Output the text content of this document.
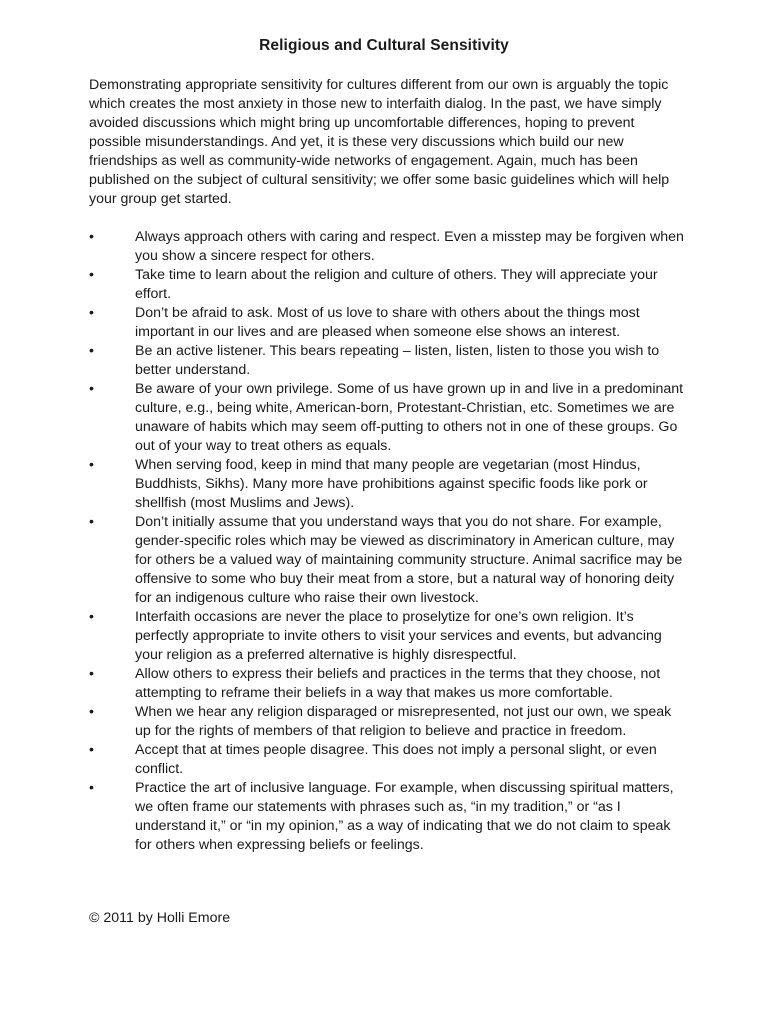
Religious and Cultural Sensitivity

Demonstrating appropriate sensitivity for cultures different from our own is arguably the topic which creates the most anxiety in those new to interfaith dialog. In the past, we have simply avoided discussions which might bring up uncomfortable differences, hoping to prevent possible misunderstandings. And yet, it is these very discussions which build our new friendships as well as community-wide networks of engagement. Again, much has been published on the subject of cultural sensitivity; we offer some basic guidelines which will help your group get started.

•	Always approach others with caring and respect. Even a misstep may be forgiven when you show a sincere respect for others.
•	Take time to learn about the religion and culture of others. They will appreciate your effort.
•	Don’t be afraid to ask. Most of us love to share with others about the things most important in our lives and are pleased when someone else shows an interest.
•	Be an active listener. This bears repeating – listen, listen, listen to those you wish to better understand.
•	Be aware of your own privilege. Some of us have grown up in and live in a predominant culture, e.g., being white, American-born, Protestant-Christian, etc. Sometimes we are unaware of habits which may seem off-putting to others not in one of these groups. Go out of your way to treat others as equals.
•	When serving food, keep in mind that many people are vegetarian (most Hindus, Buddhists, Sikhs). Many more have prohibitions against specific foods like pork or shellfish (most Muslims and Jews).
•	Don’t initially assume that you understand ways that you do not share. For example, gender-specific roles which may be viewed as discriminatory in American culture, may for others be a valued way of maintaining community structure. Animal sacrifice may be offensive to some who buy their meat from a store, but a natural way of honoring deity for an indigenous culture who raise their own livestock.
•	Interfaith occasions are never the place to proselytize for one’s own religion. It’s perfectly appropriate to invite others to visit your services and events, but advancing your religion as a preferred alternative is highly disrespectful.
•	Allow others to express their beliefs and practices in the terms that they choose, not attempting to reframe their beliefs in a way that makes us more comfortable.
•	When we hear any religion disparaged or misrepresented, not just our own, we speak up for the rights of members of that religion to believe and practice in freedom.
•	Accept that at times people disagree. This does not imply a personal slight, or even conflict.
•	Practice the art of inclusive language. For example, when discussing spiritual matters, we often frame our statements with phrases such as, “in my tradition,” or “as I understand it,” or “in my opinion,” as a way of indicating that we do not claim to speak for others when expressing beliefs or feelings.
© 2011 by Holli Emore
